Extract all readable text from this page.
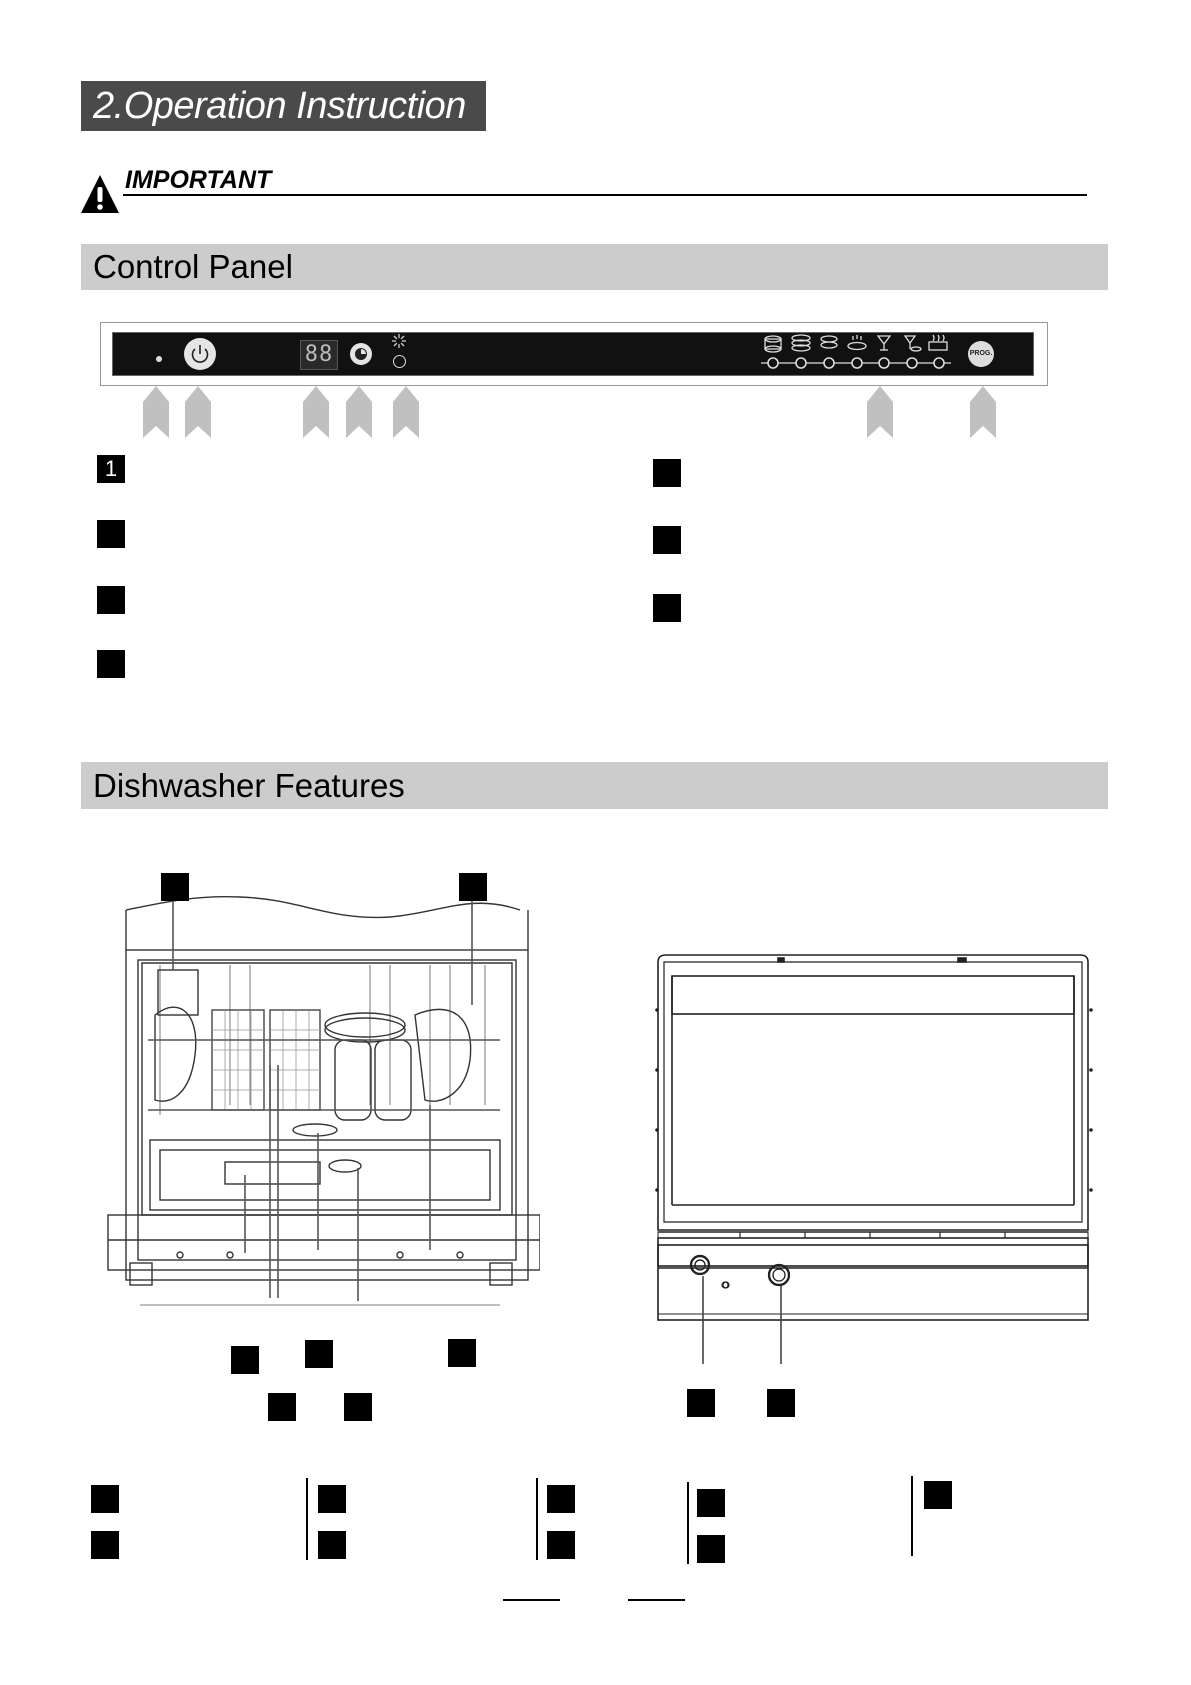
2.Operation Instruction
IMPORTANT
Control Panel
88	PROG.
1
Dishwasher Features
